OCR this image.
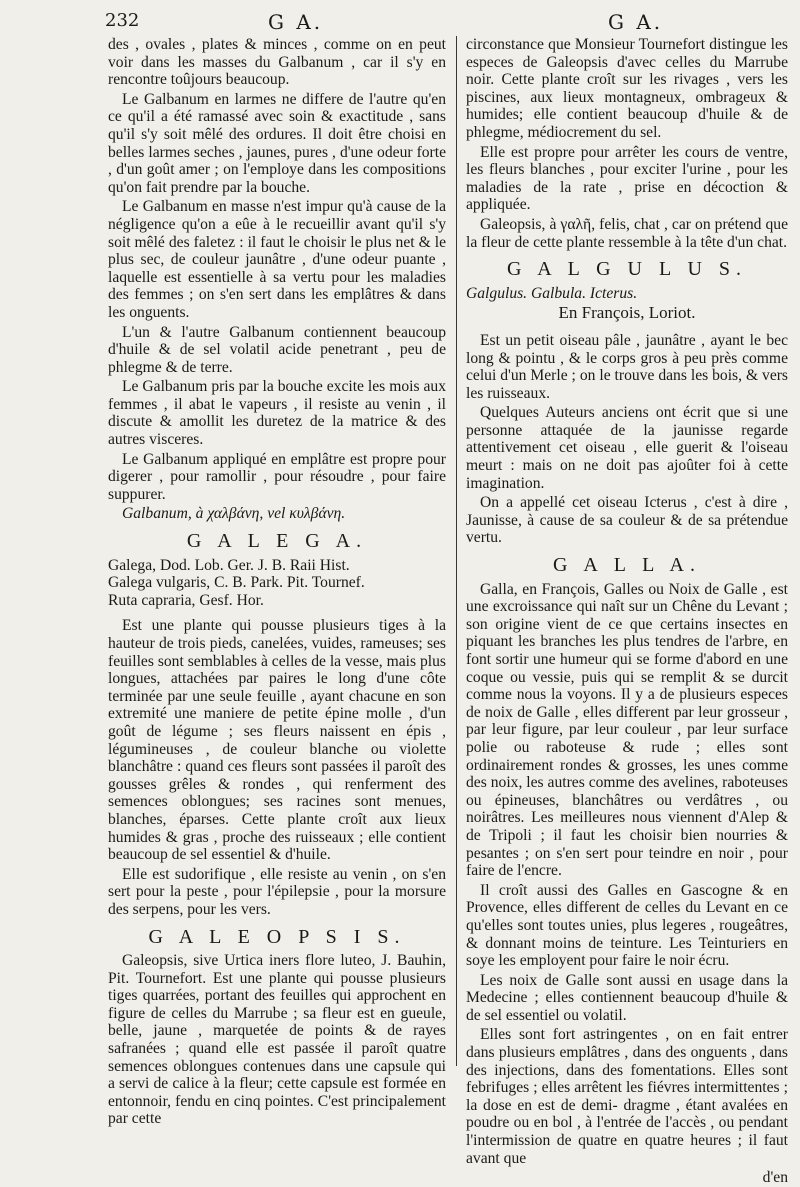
232	G A.	G A.

des , ovales , plates & minces , comme on en peut voir dans les masses du Galbanum , car il s'y en rencontre toûjours beaucoup.

Le Galbanum en larmes ne differe de l'autre qu'en ce qu'il a été ramassé avec soin & exactitude , sans qu'il s'y soit mêlé des ordures. Il doit être choisi en belles larmes seches , jaunes, pures , d'une odeur forte , d'un goût amer ; on l'employe dans les compositions qu'on fait prendre par la bouche.

Le Galbanum en masse n'est impur qu'à cause de la négligence qu'on a eûe à le recueillir avant qu'il s'y soit mêlé des faletez : il faut le choisir le plus net & le plus sec, de couleur jaunâtre , d'une odeur puante , laquelle est essentielle à sa vertu pour les maladies des femmes ; on s'en sert dans les emplâtres & dans les onguents.

L'un & l'autre Galbanum contiennent beaucoup d'huile & de sel volatil acide penetrant , peu de phlegme & de terre.

Le Galbanum pris par la bouche excite les mois aux femmes , il abat le vapeurs , il resiste au venin , il discute & amollit les duretez de la matrice & des autres visceres.

Le Galbanum appliqué en emplâtre est propre pour digerer , pour ramollir , pour résoudre , pour faire suppurer.

Galbanum, à χαλβάνη, vel κυλβάνη.

G A L E G A.
Galega, Dod. Lob. Ger. J. B. Raii Hist.
Galega vulgaris, C. B. Park. Pit. Tournef.
Ruta capraria, Gesf. Hor.

Est une plante qui pousse plusieurs tiges à la hauteur de trois pieds, canelées, vuides, rameuses; ses feuilles sont semblables à celles de la vesse, mais plus longues, attachées par paires le long d'une côte terminée par une seule feuille , ayant chacune en son extremité une maniere de petite épine molle , d'un goût de légume ; ses fleurs naissent en épis , légumineuses , de couleur blanche ou violette blanchâtre : quand ces fleurs sont passées il paroît des gousses grêles & rondes , qui renferment des semences oblongues; ses racines sont menues, blanches, éparses. Cette plante croît aux lieux humides & gras , proche des ruisseaux ; elle contient beaucoup de sel essentiel & d'huile.

Elle est sudorifique , elle resiste au venin , on s'en sert pour la peste , pour l'épilepsie , pour la morsure des serpens, pour les vers.

G A L E O P S I S.

Galeopsis, sive Urtica iners flore luteo, J. Bauhin, Pit. Tournefort. Est une plante qui pousse plusieurs tiges quarrées, portant des feuilles qui approchent en figure de celles du Marrube ; sa fleur est en gueule, belle, jaune , marquetée de points & de rayes safranées ; quand elle est passée il paroît quatre semences oblongues contenues dans une capsule qui a servi de calice à la fleur; cette capsule est formée en entonnoir, fendu en cinq pointes. C'est principalement par cette

circonstance que Monsieur Tournefort distingue les especes de Galeopsis d'avec celles du Marrube noir. Cette plante croît sur les rivages , vers les piscines, aux lieux montagneux, ombrageux & humides; elle contient beaucoup d'huile & de phlegme, médiocrement du sel.

Elle est propre pour arrêter les cours de ventre, les fleurs blanches , pour exciter l'urine , pour les maladies de la rate , prise en décoction & appliquée.

Galeopsis, à γαλῆ, felis, chat , car on prétend que la fleur de cette plante ressemble à la tête d'un chat.

G A L G U L U S.
Galgulus. Galbula. Icterus.
En François, Loriot.

Est un petit oiseau pâle , jaunâtre , ayant le bec long & pointu , & le corps gros à peu près comme celui d'un Merle ; on le trouve dans les bois, & vers les ruisseaux.

Quelques Auteurs anciens ont écrit que si une personne attaquée de la jaunisse regarde attentivement cet oiseau , elle guerit & l'oiseau meurt : mais on ne doit pas ajoûter foi à cette imagination.

On a appellé cet oiseau Icterus , c'est à dire , Jaunisse, à cause de sa couleur & de sa prétendue vertu.

G A L L A.

Galla, en François, Galles ou Noix de Galle , est une excroissance qui naît sur un Chêne du Levant ; son origine vient de ce que certains insectes en piquant les branches les plus tendres de l'arbre, en font sortir une humeur qui se forme d'abord en une coque ou vessie, puis qui se remplit & se durcit comme nous la voyons. Il y a de plusieurs especes de noix de Galle , elles different par leur grosseur , par leur figure, par leur couleur , par leur surface polie ou raboteuse & rude ; elles sont ordinairement rondes & grosses, les unes comme des noix, les autres comme des avelines, raboteuses ou épineuses, blanchâtres ou verdâtres , ou noirâtres. Les meilleures nous viennent d'Alep & de Tripoli ; il faut les choisir bien nourries & pesantes ; on s'en sert pour teindre en noir , pour faire de l'encre.

Il croît aussi des Galles en Gascogne & en Provence, elles different de celles du Levant en ce qu'elles sont toutes unies, plus legeres , rougeâtres, & donnant moins de teinture. Les Teinturiers en soye les employent pour faire le noir écru.

Les noix de Galle sont aussi en usage dans la Medecine ; elles contiennent beaucoup d'huile & de sel essentiel ou volatil.

Elles sont fort astringentes , on en fait entrer dans plusieurs emplâtres , dans des onguents , dans des injections, dans des fomentations. Elles sont febrifuges ; elles arrêtent les fiévres intermittentes ; la dose en est de demi- dragme , étant avalées en poudre ou en bol , à l'entrée de l'accès , ou pendant l'intermission de quatre en quatre heures ; il faut avant que

d'en
